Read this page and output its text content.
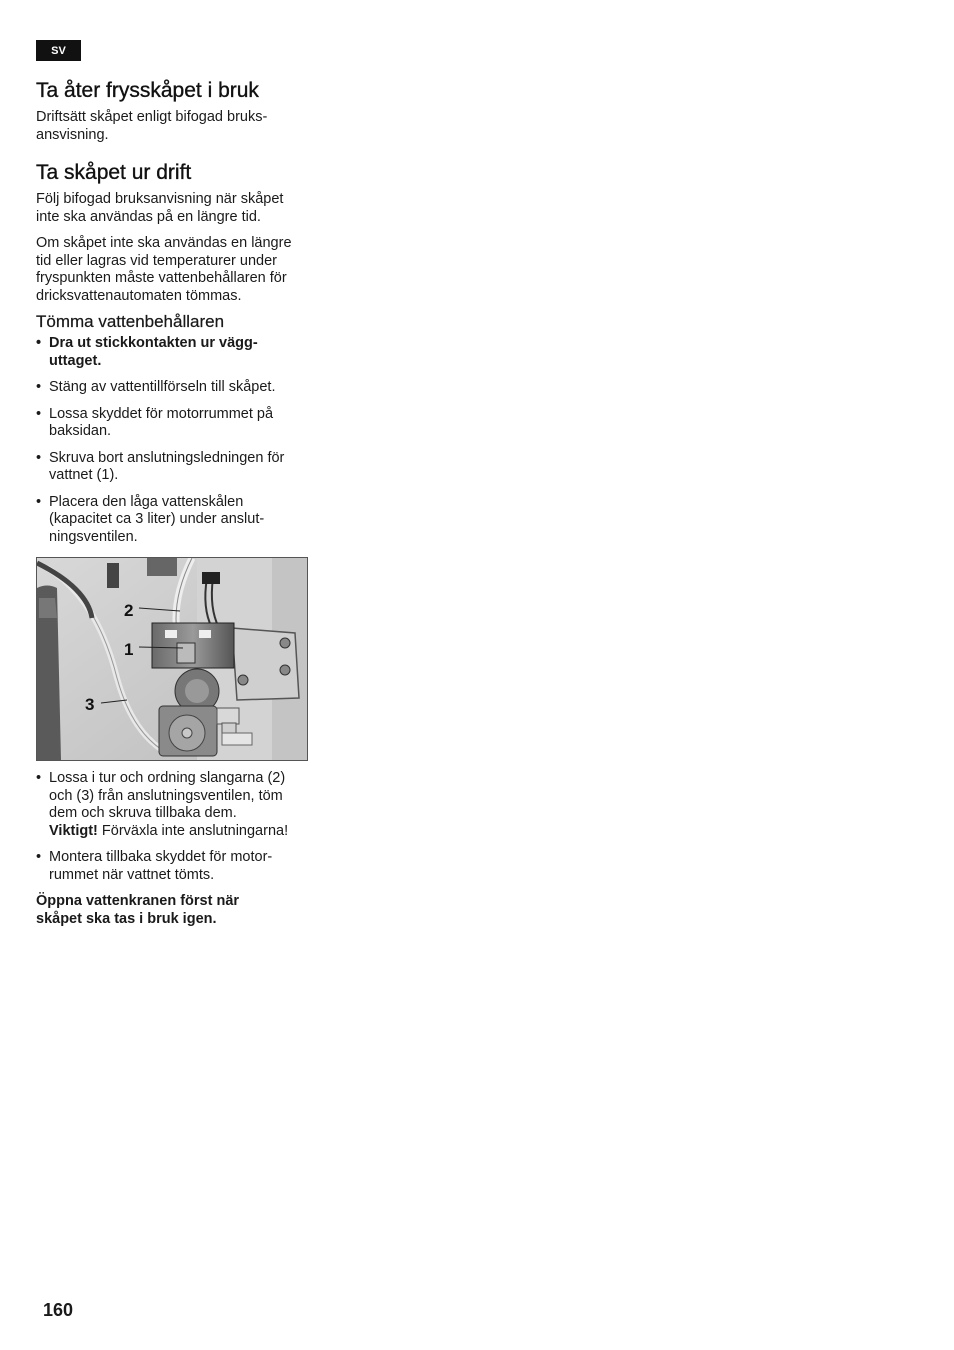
SV
Ta åter frysskåpet i bruk

Driftsätt skåpet enligt bifogad bruks-
ansvisning.

Ta skåpet ur drift

Följ bifogad bruksanvisning när skåpet
inte ska användas på en längre tid.

Om skåpet inte ska användas en längre
tid eller lagras vid temperaturer under
fryspunkten måste vattenbehållaren för
dricksvattenautomaten tömmas.

Tömma vattenbehållaren
• Dra ut stickkontakten ur vägg-
uttaget.
• Stäng av vattentillförseln till skåpet.
• Lossa skyddet för motorrummet på
baksidan.
• Skruva bort anslutningsledningen för
vattnet (1).
• Placera den låga vattenskålen
(kapacitet ca 3 liter) under anslut-
ningsventilen.
2
1
3
• Lossa i tur och ordning slangarna (2)
och (3) från anslutningsventilen, töm
dem och skruva tillbaka dem.
Viktigt! Förväxla inte anslutningarna!
• Montera tillbaka skyddet för motor-
rummet när vattnet tömts.

Öppna vattenkranen först när
skåpet ska tas i bruk igen.

160
